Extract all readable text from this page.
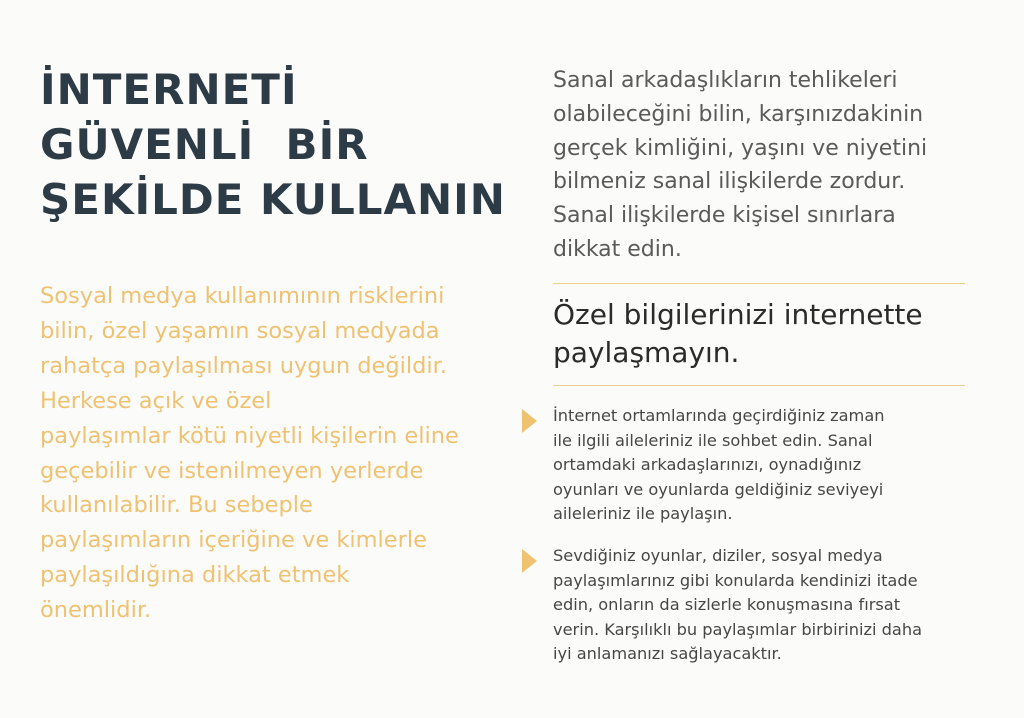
İNTERNETİ
GÜVENLİ  BİR
ŞEKİLDE KULLANIN

Sosyal medya kullanımının risklerini
bilin, özel yaşamın sosyal medyada
rahatça paylaşılması uygun değildir.
Herkese açık ve özel
paylaşımlar kötü niyetli kişilerin eline
geçebilir ve istenilmeyen yerlerde
kullanılabilir. Bu sebeple
paylaşımların içeriğine ve kimlerle
paylaşıldığına dikkat etmek
önemlidir.

Sanal arkadaşlıkların tehlikeleri
olabileceğini bilin, karşınızdakinin
gerçek kimliğini, yaşını ve niyetini
bilmeniz sanal ilişkilerde zordur.
Sanal ilişkilerde kişisel sınırlara
dikkat edin.
Özel bilgilerinizi internette
paylaşmayın.
İnternet ortamlarında geçirdiğiniz zaman
ile ilgili aileleriniz ile sohbet edin. Sanal
ortamdaki arkadaşlarınızı, oynadığınız
oyunları ve oyunlarda geldiğiniz seviyeyi
aileleriniz ile paylaşın.
Sevdiğiniz oyunlar, diziler, sosyal medya
paylaşımlarınız gibi konularda kendinizi itade
edin, onların da sizlerle konuşmasına fırsat
verin. Karşılıklı bu paylaşımlar birbirinizi daha
iyi anlamanızı sağlayacaktır.
